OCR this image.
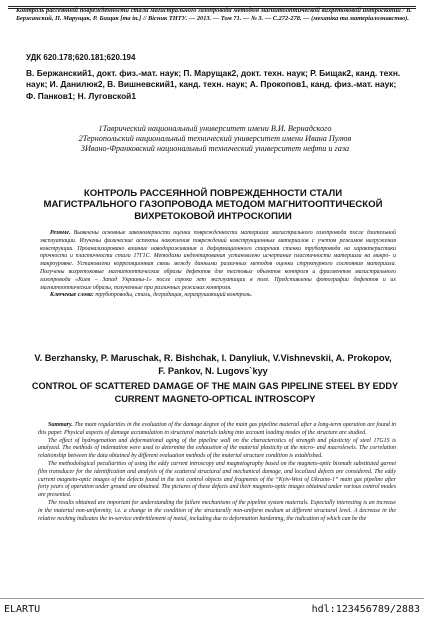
Контроль рассеянной поврежденности стали магистрального газопровода методом магнитооптической вихретоковой интроскопии / В. Бержанский, П. Марущак, Р. Бищак [та ін.] // Вісник ТНТУ. — 2013. — Том 71. — № 3. — С.272-278. — (механіка та матеріалознавство).
УДК 620.178;620.181;620.194
В. Бержанский1, докт. физ.-мат. наук; П. Марущак2, докт. техн. наук; Р. Бищак2, канд. техн. наук; И. Данилюк2, В. Вишневский1, канд. техн. наук; А. Прокопов1, канд. физ.-мат. наук; Ф. Панков1; Н. Луговской1
1Таврический национальный университет имени В.И. Вернадского
2Тернопольский национальный технический университет имени Ивана Пулюя
3Ивано-Франковский национальный технический университет нефти и газа
КОНТРОЛЬ РАССЕЯННОЙ ПОВРЕЖДЕННОСТИ СТАЛИ МАГИСТРАЛЬНОГО ГАЗОПРОВОДА МЕТОДОМ МАГНИТООПТИЧЕСКОЙ ВИХРЕТОКОВОЙ ИНТРОСКОПИИ

Резюме. Выявлены основные закономерности оценки поврежденности материала магистрального газопровода после длительной эксплуатации. Изучены физические аспекты накопления повреждений конструкционных материалов с учетом режимов нагружения конструкции. Проанализировано влияние наводораживания и деформационного старения стенки трубопровода на характеристики прочности и пластичности стали 17Г1С. Методами индентирования установлено исчерпание пластичности материала на микро- и макроуровне. Установлена корреляционная связь между данными различных методов оценки структурного состояния материала. Получены вихретоковые магнитооптические образы дефектов для тестовых объектов контроля и фрагментов магистрального газопровода «Киев – Запад Украины-1» после сорока лет эксплуатации в поле. Представлены фотографии дефектов и их магнитооптические образы, полученные при различных режимах контроля.

Ключевые слова: трубопроводы, сталь, деградация, неразрушающий контроль.

V. Berzhansky, P. Maruschak, R. Bishchak, I. Danyliuk, V.Vishnevskii, A. Prokopov, F. Pankov, N. Lugovs`kyy
CONTROL OF SCATTERED DAMAGE OF THE MAIN GAS PIPELINE STEEL BY EDDY CURRENT MAGNETO-OPTICAL INTROSCOPY

Summary. The main regularities in the evaluation of the damage degree of the main gas pipeline material after a long-term operation are found in this paper. Physical aspects of damage accumulation in structural materials taking into account loading modes of the structure are studied.

The effect of hydrogenation and deformational aging of the pipeline wall on the characteristics of strength and plasticity of steel 17G1S is analyzed. The methods of indentation were used to determine the exhaustion of the material plasticity at the micro- and macrolevels. The correlation relationship between the data obtained by different evaluation methods of the material structure condition is established.

The methodological peculiarities of using the eddy current introscopy and magnetography based on the magneto-optic bismuth substituted garnet film transducer for the identification and analysis of the scattered structural and mechanical damage, and localized defects are considered. The eddy current magneto-optic images of the defects found in the test control objects and fragments of the “Kyiv-West of Ukraine-1” main gas pipeline after forty years of operation under ground are obtained. The pictures of these defects and their magneto-optic images obtained under various control modes are presented.

The results obtained are important for understanding the failure mechanisms of the pipeline system materials. Especially interesting is an increase in the material non-uniformity, i.e. a change in the condition of the structurally non-uniform medium at different structural level. A decrease in the relative necking indicates the in-service embrittlement of metal, including due to deformation hardening, the indication of which can be the

ELARTU	hdl:123456789/2883
